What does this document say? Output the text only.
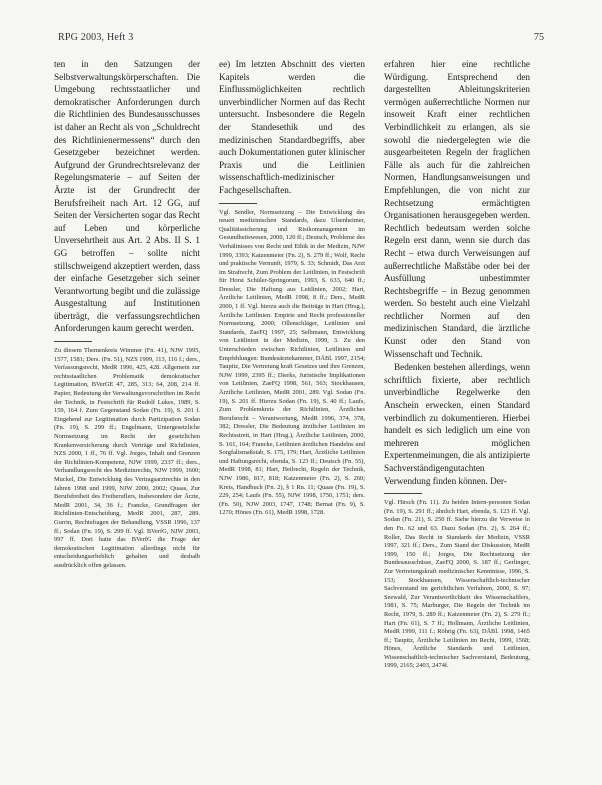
RPG 2003, Heft 3	75

ten in den Satzungen der Selbstverwaltungskörperschaften. Die Umgebung rechtsstaatlicher und demokratischer Anforderungen durch die Richtlinien des Bundesausschusses ist daher an Recht als von „Schuldrecht des Richtlinienermessens“ durch den Gesetzgeber bezeichnet werden. Aufgrund der Grundrechtsrelevanz der Regelungsmaterie – auf Seiten der Ärzte ist der Grundrecht der Berufsfreiheit nach Art. 12 GG, auf Seiten der Versicherten sogar das Recht auf Leben und körperliche Unversehrtheit aus Art. 2 Abs. II S. 1 GG betroffen – sollte nicht stillschweigend akzeptiert werden, dass der einfache Gesetzgeber sich seiner Verantwortung begibt und die zulässige Ausgestaltung auf Institutionen überträgt, die verfassungsrechtlichen Anforderungen kaum gerecht werden.

Zu diesem Themenkreis Wimmer (Fn. 41), NJW 1995, 1577, 1581; Ders. (Fn. 51), NZS 1999, 113, 116 f.; ders., Verfassungsrecht, MedR 1996, 425, 428. Allgemein zur rechtsstaatlichen Problematik demokratischer Legitimation, BVerGE 47, 285, 313; 64, 208, 214 ff. Papier, Bedeutung der Verwaltungsvorschriften im Recht der Technik, in Festschrift für Rudolf Lukes, 1989, S. 159, 164 f. Zum Gegenstand Sodan (Fn. 19), S. 201 f. Eingehend zur Legitimation durch Partizipation Sodan (Fn. 19), S. 299 ff.; Engelmann, Untergesetzliche Normsetzung im Recht der gesetzlichen Krankenversicherung durch Verträge und Richtlinien, NZS 2000, 1 ff., 76 ff. Vgl. Jorges, Inhalt und Grenzen der Richtlinien-Kompetenz, NJW 1999, 2337 ff.; ders., Verhandlungsrecht des Medizinrechts, NJW 1999, 1600; Muckel, Die Entwicklung des Vertragsarztrechts in den Jahren 1998 und 1999, NJW 2000, 2002; Quaas, Zur Berufsfreiheit des Freiberuflers, insbesondere der Ärzte, MedR 2001, 34, 36 f.; Francke, Grundfragen der Richtlinien-Entscheidung, MedR 2001, 287, 289. Gurrin, Rechtsfragen der Behandlung, VSSR 1996, 137 ff.; Sodan (Fn. 19), S. 299 ff. Vgl. BVerfG, NJW 2003, 997 ff. Dort hatte das BVerfG die Frage der demokratischen Legitimation allerdings nicht für entscheidungserheblich gehalten und deshalb ausdrücklich offen gelassen.

ee) Im letzten Abschnitt des vierten Kapitels werden die Einflussmöglichkeiten rechtlich unverbindlicher Normen auf das Recht untersucht. Insbesondere die Regeln der Standesethik und des medizinischen Standardbegriffs, aber auch Dokumentationen guter klinischer Praxis und die Leitlinien wissenschaftlich-medizinischer Fachgesellschaften.

Vgl. Sendler, Normsetzung – Die Entwicklung des neuen medizinischen Standards, dazu Ulsenheimer, Qualitätssicherung und Risikomanagement im Gesundheitswesen, 2000, 120 ff.; Deutsch, Probleme des Verhältnisses von Recht und Ethik in der Medizin, NJW 1999, 3393; Katzenmeier (Fn. 2), S. 279 ff.; Wolf, Recht und praktische Vernunft, 1979, S. 33; Schmidt, Das Arzt im Strafrecht, Zum Problem der Leitlinien, in Festschrift für Horst Schüler-Springorum, 1993, S. 633, 640 ff.; Dressler, Die Haftung aus Leitlinien, 2002; Hart, Ärztliche Leitlinien, MedR 1998, 8 ff.; Ders., MedR 2000, 1 ff. Vgl. hierzu auch die Beiträge in Hart (Hrsg.), Ärztliche Leitlinien. Empirie und Recht professioneller Normsetzung, 2000; Ollenschläger, Leitlinien und Standards, ZaeFQ 1997, 25; Selbmann, Entwicklung von Leitlinien in der Medizin, 1999, 3. Zu den Unterschieden zwischen Richtlinien, Leitlinien und Empfehlungen: Bundesärztekammer, DÄBl. 1997, 2154; Taupitz, Die Vertretung kraft Gesetzes und ihre Grenzen, NJW 1999, 2395 ff.; Dierks, Juristische Implikationen von Leitlinien, ZaeFQ 1998, 561, 563; Stockhausen, Ärztliche Leitlinien, MedR 2001, 289. Vgl. Sodan (Fn. 19), S. 201 ff. Hierzu Sodan (Fn. 19), S. 40 ff.; Laufs, Zum Problemkreis der Richtlinien, Ärztliches Berufsrecht – Verantwortung, MedR 1996, 374, 378, 382; Dressler, Die Bedeutung ärztlicher Leitlinien im Rechtsstreit, in Hart (Hrsg.), Ärztliche Leitlinien, 2000, S. 161, 164; Francke, Leitlinien ärztlichen Handelns und Sorgfaltsmaßstab, S. 175, 179; Hart, Ärztliche Leitlinien und Haftungsrecht, ebenda, S. 123 ff.; Deutsch (Fn. 55), MedR 1998, 81; Hart, Heilrecht, Regeln der Technik, NJW 1986, 817, 818; Katzenmeier (Fn. 2), S. 260; Kreis, Handbuch (Fn. 2), § 1 Rn. 11; Quaas (Fn. 19), S. 229, 254; Laufs (Fn. 55), NJW 1998, 1750, 1751; ders. (Fn. 50), NJW 2003, 1747, 1748; Bernat (Fn. 9), S. 1270; Hönes (Fn. 61), MedR 1998, 1728.

erfahren hier eine rechtliche Würdigung. Entsprechend den dargestellten Ableitungskriterien vermögen außerrechtliche Normen nur insoweit Kraft einer rechtlichen Verbindlichkeit zu erlangen, als sie sowohl die niedergelegten wie die ausgearbeiteten Regeln der fraglichen Fälle als auch für die zahlreichen Normen, Handlungsanweisungen und Empfehlungen, die von nicht zur Rechtsetzung ermächtigten Organisationen herausgegeben werden. Rechtlich bedeutsam werden solche Regeln erst dann, wenn sie durch das Recht – etwa durch Verweisungen auf außerrechtliche Maßstäbe oder bei der Ausfüllung unbestimmter Rechtsbegriffe – in Bezug genommen werden. So besteht auch eine Vielzahl rechtlicher Normen auf den medizinischen Standard, die ärztliche Kunst oder den Stand von Wissenschaft und Technik.

Bedenken bestehen allerdings, wenn schriftlich fixierte, aber rechtlich unverbindliche Regelwerke den Anschein erwecken, einen Standard verbindlich zu dokumentieren. Hierbei handelt es sich lediglich um eine von mehreren möglichen Expertenmeinungen, die als antizipierte Sachverständigengutachten Verwendung finden können. Der-

Vgl. Hirsch (Fn. 11). Zu beiden Intern-personen Sodan (Fn. 19), S. 291 ff.; ähnlich Hart, ebenda, S. 123 ff. Vgl. Sodan (Fn. 21), S. 250 ff. Siehe hierzu die Verweise in den Fn. 62 und 63. Dazu Sodan (Fn. 2), S. 264 ff.; Roller, Das Recht in Standards der Medizin, VSSR 1997, 321 ff.; Ders., Zum Stand der Diskussion, MedR 1999, 150 ff.; Jorges, Die Rechtsetzung der Bundesausschüsse, ZaeFQ 2000, S. 187 ff.; Gerlinger, Zur Vertretungskraft medizinischer Kenntnisse, 1996, S. 153; Stockhausen, Wissenschaftlich-technischer Sachverstand im gerichtlichen Verfahren, 2000, S. 97; Seewald, Zur Verantwortlichkeit des Wissenschaftlers, 1981, S. 75; Marburger, Die Regeln der Technik im Recht, 1979, S. 289 ff.; Katzenmeier (Fn. 2), S. 279 ff.; Hart (Fn. 61), S. 7 ff.; Hollmann, Ärztliche Leitlinien, MedR 1999, 111 f.; Röhrig (Fn. 63), DÄBl. 1998, 1465 ff.; Taupitz, Ärztliche Leitlinien im Recht, 1999, 1568; Hönes, Ärztliche Standards und Leitlinien, Wissenschaftlich-technischer Sachverstand, Bedeutung, 1999, 2165; 2403, 2474f.
